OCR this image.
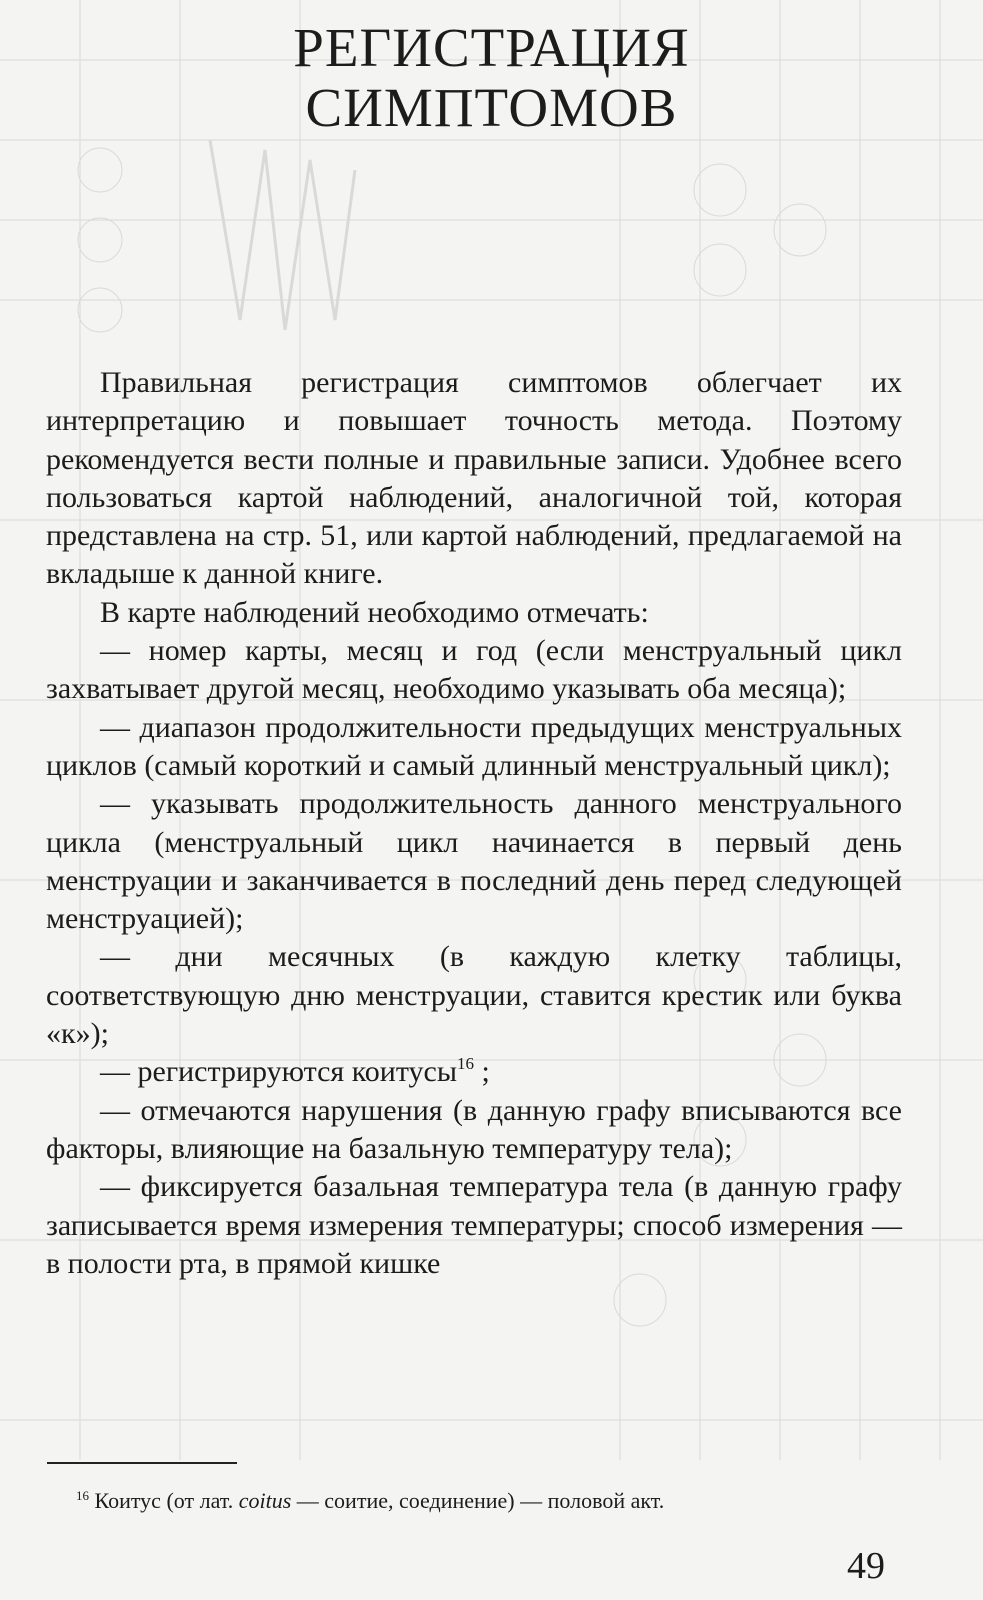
РЕГИСТРАЦИЯ
СИМПТОМОВ

Правильная регистрация симптомов облегчает их интерпретацию и повышает точность метода. Поэтому рекомендуется вести полные и правильные записи. Удобнее всего пользоваться картой наблюдений, аналогичной той, которая представлена на стр. 51, или картой наблюдений, предлагаемой на вкладыше к данной книге.

В карте наблюдений необходимо отмечать:

— номер карты, месяц и год (если менструальный цикл захватывает другой месяц, необходимо указывать оба месяца);

— диапазон продолжительности предыдущих менструальных циклов (самый короткий и самый длинный менструальный цикл);

— указывать продолжительность данного менструального цикла (менструальный цикл начинается в первый день менструации и заканчивается в последний день перед следующей менструацией);

— дни месячных (в каждую клетку таблицы, соответствующую дню менструации, ставится крестик или буква «к»);

— регистрируются коитусы$^{16}$ ;

— отмечаются нарушения (в данную графу вписываются все факторы, влияющие на базальную температуру тела);

— фиксируется базальная температура тела (в данную графу записывается время измерения температуры; способ измерения — в полости рта, в прямой кишке

$^{16}$ Коитус (от лат. coitus — соитие, соединение) — половой акт.
49
